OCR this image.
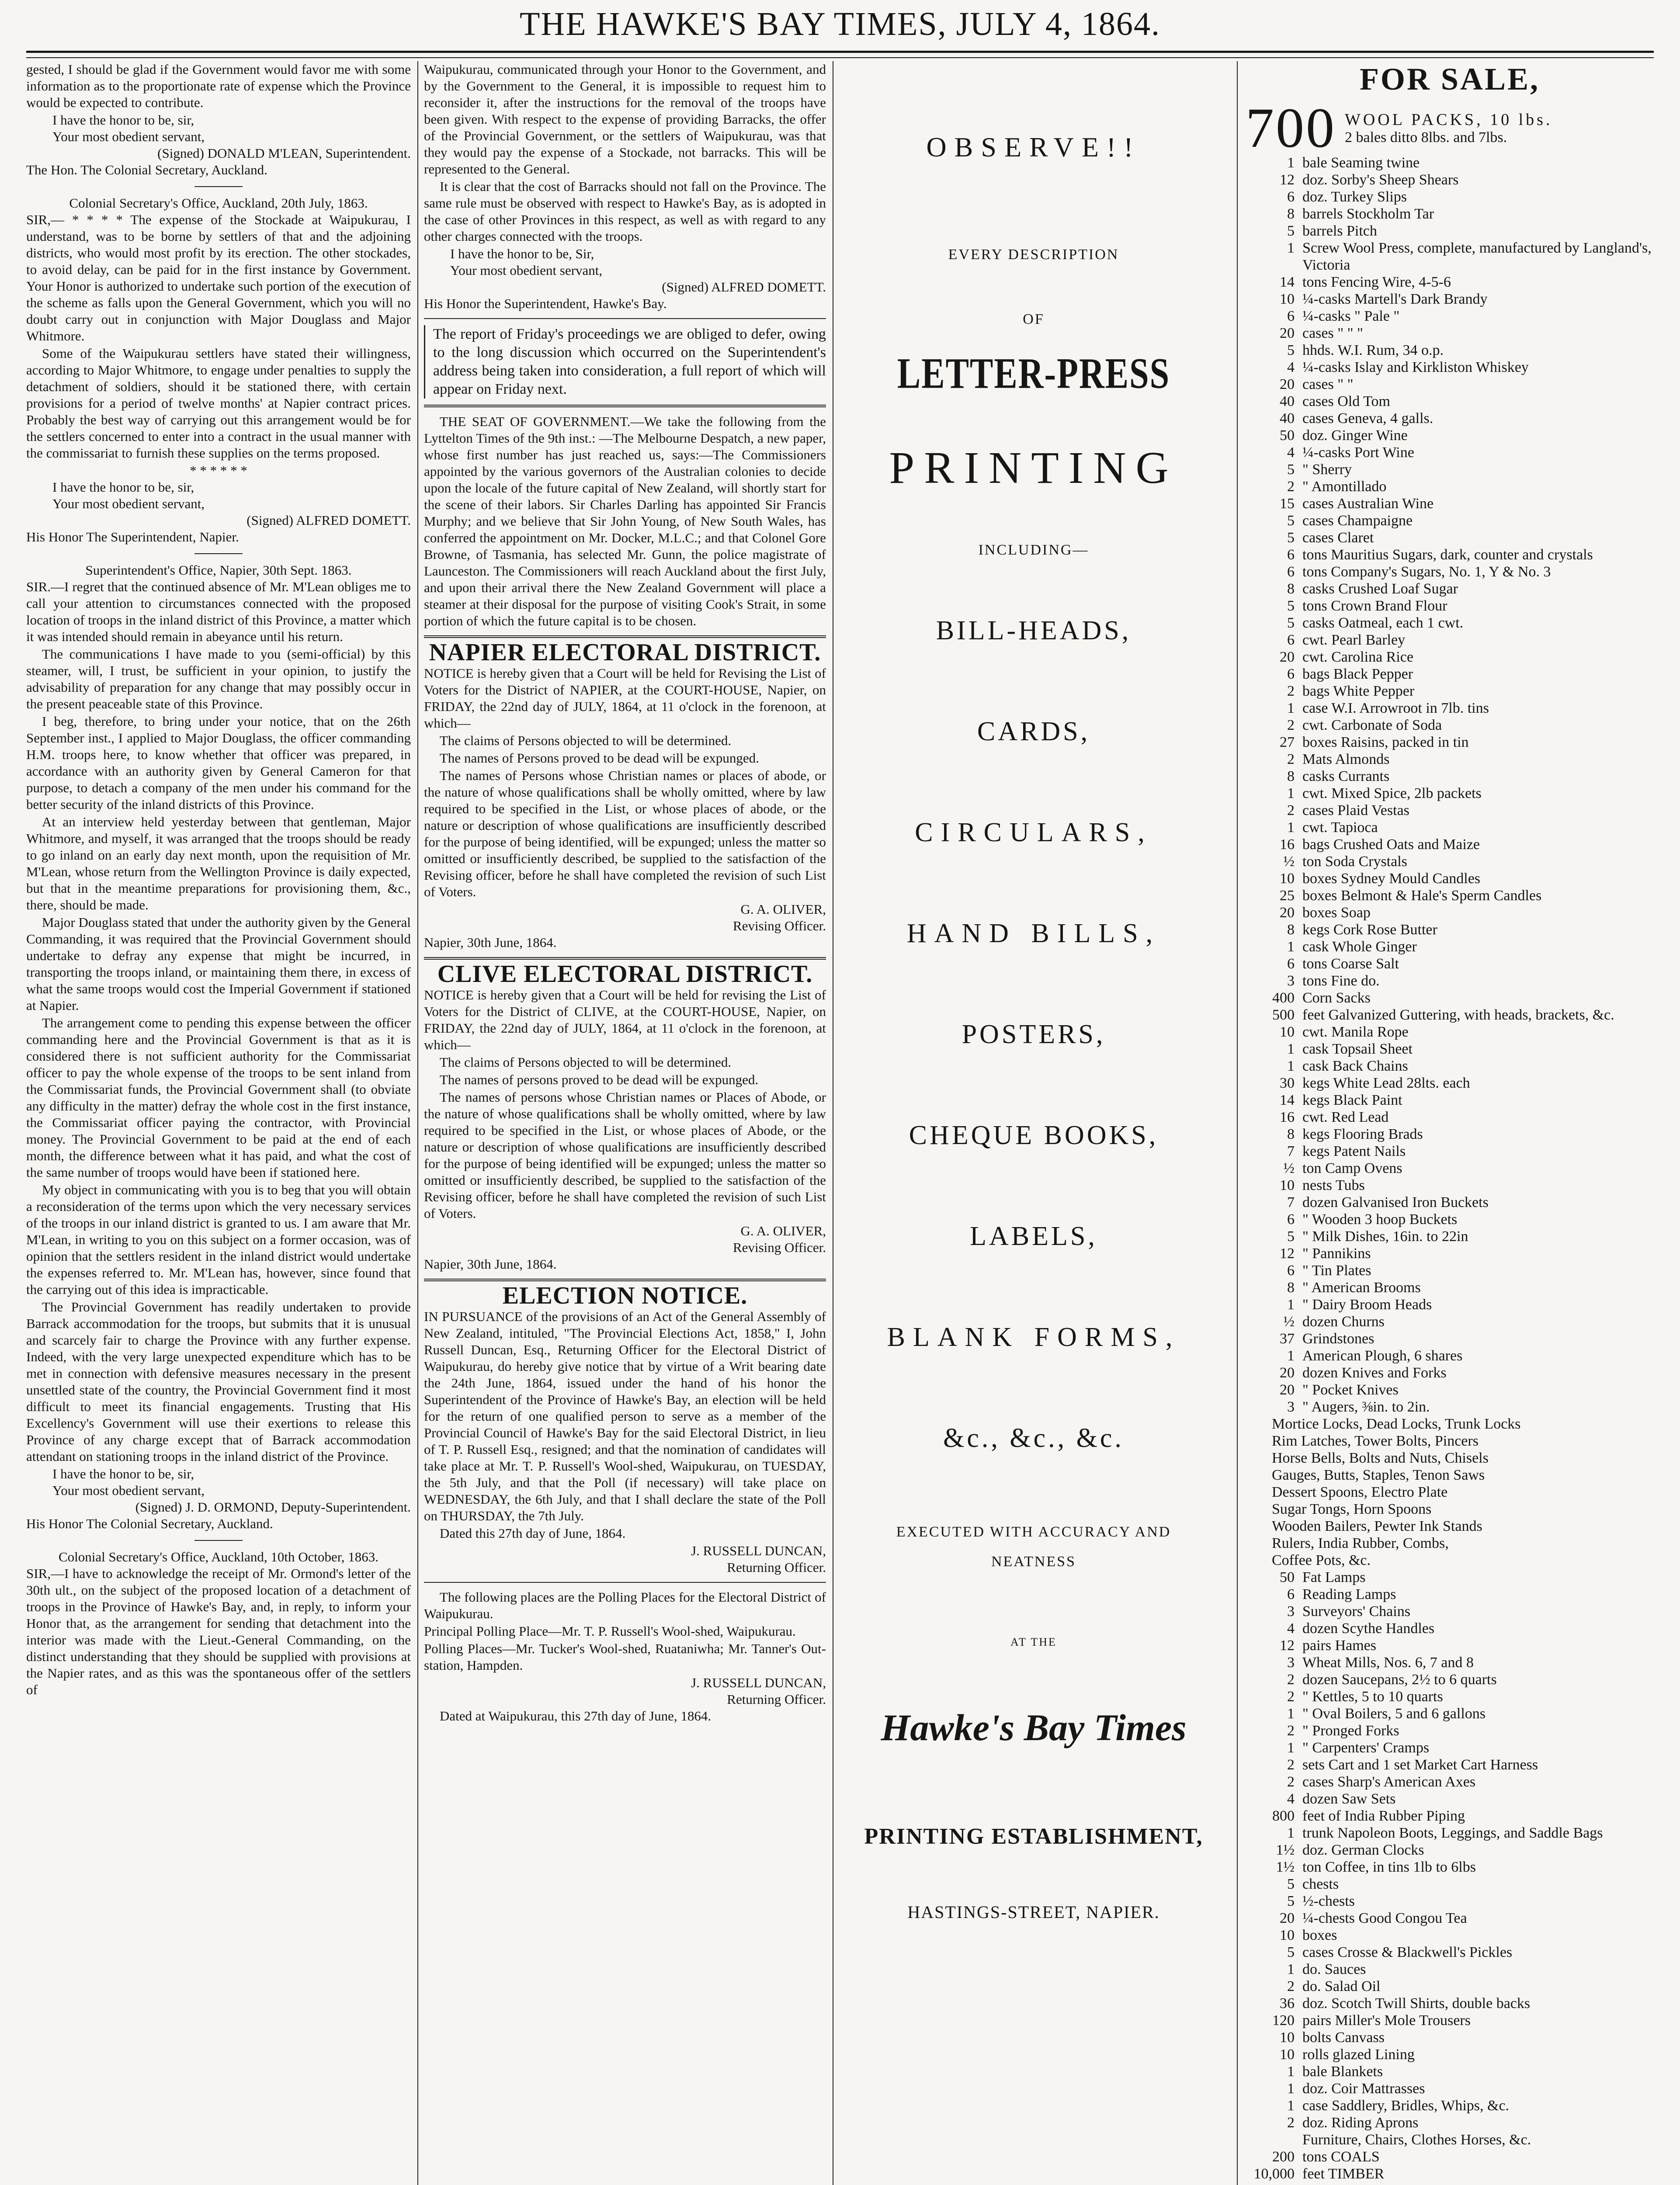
THE HAWKE'S BAY TIMES, JULY 4, 1864.

gested, I should be glad if the Government would favor me with some information as to the proportionate rate of expense which the Province would be expected to contribute.

I have the honor to be, sir,

Your most obedient servant,

(Signed) DONALD M'LEAN, Superintendent.

The Hon. The Colonial Secretary, Auckland.

Colonial Secretary's Office, Auckland, 20th July, 1863.

SIR,— * * * * The expense of the Stockade at Waipukurau, I understand, was to be borne by settlers of that and the adjoining districts, who would most profit by its erection. The other stockades, to avoid delay, can be paid for in the first instance by Government. Your Honor is authorized to undertake such portion of the execution of the scheme as falls upon the General Government, which you will no doubt carry out in conjunction with Major Douglass and Major Whitmore.

Some of the Waipukurau settlers have stated their willingness, according to Major Whitmore, to engage under penalties to supply the detachment of soldiers, should it be stationed there, with certain provisions for a period of twelve months' at Napier contract prices. Probably the best way of carrying out this arrangement would be for the settlers concerned to enter into a contract in the usual manner with the commissariat to furnish these supplies on the terms proposed.

* * * * * *

I have the honor to be, sir,

Your most obedient servant,

(Signed) ALFRED DOMETT.

His Honor The Superintendent, Napier.

Superintendent's Office, Napier, 30th Sept. 1863.

SIR.—I regret that the continued absence of Mr. M'Lean obliges me to call your attention to circumstances connected with the proposed location of troops in the inland district of this Province, a matter which it was intended should remain in abeyance until his return.

The communications I have made to you (semi-official) by this steamer, will, I trust, be sufficient in your opinion, to justify the advisability of preparation for any change that may possibly occur in the present peaceable state of this Province.

I beg, therefore, to bring under your notice, that on the 26th September inst., I applied to Major Douglass, the officer commanding H.M. troops here, to know whether that officer was prepared, in accordance with an authority given by General Cameron for that purpose, to detach a company of the men under his command for the better security of the inland districts of this Province.

At an interview held yesterday between that gentleman, Major Whitmore, and myself, it was arranged that the troops should be ready to go inland on an early day next month, upon the requisition of Mr. M'Lean, whose return from the Wellington Province is daily expected, but that in the meantime preparations for provisioning them, &c., there, should be made.

Major Douglass stated that under the authority given by the General Commanding, it was required that the Provincial Government should undertake to defray any expense that might be incurred, in transporting the troops inland, or maintaining them there, in excess of what the same troops would cost the Imperial Government if stationed at Napier.

The arrangement come to pending this expense between the officer commanding here and the Provincial Government is that as it is considered there is not sufficient authority for the Commissariat officer to pay the whole expense of the troops to be sent inland from the Commissariat funds, the Provincial Government shall (to obviate any difficulty in the matter) defray the whole cost in the first instance, the Commissariat officer paying the contractor, with Provincial money. The Provincial Government to be paid at the end of each month, the difference between what it has paid, and what the cost of the same number of troops would have been if stationed here.

My object in communicating with you is to beg that you will obtain a reconsideration of the terms upon which the very necessary services of the troops in our inland district is granted to us. I am aware that Mr. M'Lean, in writing to you on this subject on a former occasion, was of opinion that the settlers resident in the inland district would undertake the expenses referred to. Mr. M'Lean has, however, since found that the carrying out of this idea is impracticable.

The Provincial Government has readily undertaken to provide Barrack accommodation for the troops, but submits that it is unusual and scarcely fair to charge the Province with any further expense. Indeed, with the very large unexpected expenditure which has to be met in connection with defensive measures necessary in the present unsettled state of the country, the Provincial Government find it most difficult to meet its financial engagements. Trusting that His Excellency's Government will use their exertions to release this Province of any charge except that of Barrack accommodation attendant on stationing troops in the inland district of the Province.

I have the honor to be, sir,

Your most obedient servant,

(Signed) J. D. ORMOND, Deputy-Superintendent.

His Honor The Colonial Secretary, Auckland.

Colonial Secretary's Office, Auckland, 10th October, 1863.

SIR,—I have to acknowledge the receipt of Mr. Ormond's letter of the 30th ult., on the subject of the proposed location of a detachment of troops in the Province of Hawke's Bay, and, in reply, to inform your Honor that, as the arrangement for sending that detachment into the interior was made with the Lieut.-General Commanding, on the distinct understanding that they should be supplied with provisions at the Napier rates, and as this was the spontaneous offer of the settlers of

Waipukurau, communicated through your Honor to the Government, and by the Government to the General, it is impossible to request him to reconsider it, after the instructions for the removal of the troops have been given. With respect to the expense of providing Barracks, the offer of the Provincial Government, or the settlers of Waipukurau, was that they would pay the expense of a Stockade, not barracks. This will be represented to the General.

It is clear that the cost of Barracks should not fall on the Province. The same rule must be observed with respect to Hawke's Bay, as is adopted in the case of other Provinces in this respect, as well as with regard to any other charges connected with the troops.

I have the honor to be, Sir,

Your most obedient servant,

(Signed) ALFRED DOMETT.

His Honor the Superintendent, Hawke's Bay.

The report of Friday's proceedings we are obliged to defer, owing to the long discussion which occurred on the Superintendent's address being taken into consideration, a full report of which will appear on Friday next.

THE SEAT OF GOVERNMENT.—We take the following from the Lyttelton Times of the 9th inst.: —The Melbourne Despatch, a new paper, whose first number has just reached us, says:—The Commissioners appointed by the various governors of the Australian colonies to decide upon the locale of the future capital of New Zealand, will shortly start for the scene of their labors. Sir Charles Darling has appointed Sir Francis Murphy; and we believe that Sir John Young, of New South Wales, has conferred the appointment on Mr. Docker, M.L.C.; and that Colonel Gore Browne, of Tasmania, has selected Mr. Gunn, the police magistrate of Launceston. The Commissioners will reach Auckland about the first July, and upon their arrival there the New Zealand Government will place a steamer at their disposal for the purpose of visiting Cook's Strait, in some portion of which the future capital is to be chosen.

NAPIER ELECTORAL DISTRICT.

NOTICE is hereby given that a Court will be held for Revising the List of Voters for the District of NAPIER, at the COURT-HOUSE, Napier, on FRIDAY, the 22nd day of JULY, 1864, at 11 o'clock in the forenoon, at which—

The claims of Persons objected to will be determined.

The names of Persons proved to be dead will be expunged.

The names of Persons whose Christian names or places of abode, or the nature of whose qualifications shall be wholly omitted, where by law required to be specified in the List, or whose places of abode, or the nature or description of whose qualifications are insufficiently described for the purpose of being identified, will be expunged; unless the matter so omitted or insufficiently described, be supplied to the satisfaction of the Revising officer, before he shall have completed the revision of such List of Voters.

G. A. OLIVER,

Revising Officer.

Napier, 30th June, 1864.

CLIVE ELECTORAL DISTRICT.

NOTICE is hereby given that a Court will be held for revising the List of Voters for the District of CLIVE, at the COURT-HOUSE, Napier, on FRIDAY, the 22nd day of JULY, 1864, at 11 o'clock in the forenoon, at which—

The claims of Persons objected to will be determined.

The names of persons proved to be dead will be expunged.

The names of persons whose Christian names or Places of Abode, or the nature of whose qualifications shall be wholly omitted, where by law required to be specified in the List, or whose places of Abode, or the nature or description of whose qualifications are insufficiently described for the purpose of being identified will be expunged; unless the matter so omitted or insufficiently described, be supplied to the satisfaction of the Revising officer, before he shall have completed the revision of such List of Voters.

G. A. OLIVER,

Revising Officer.

Napier, 30th June, 1864.

ELECTION NOTICE.

IN PURSUANCE of the provisions of an Act of the General Assembly of New Zealand, intituled, "The Provincial Elections Act, 1858," I, John Russell Duncan, Esq., Returning Officer for the Electoral District of Waipukurau, do hereby give notice that by virtue of a Writ bearing date the 24th June, 1864, issued under the hand of his honor the Superintendent of the Province of Hawke's Bay, an election will be held for the return of one qualified person to serve as a member of the Provincial Council of Hawke's Bay for the said Electoral District, in lieu of T. P. Russell Esq., resigned; and that the nomination of candidates will take place at Mr. T. P. Russell's Wool-shed, Waipukurau, on TUESDAY, the 5th July, and that the Poll (if necessary) will take place on WEDNESDAY, the 6th July, and that I shall declare the state of the Poll on THURSDAY, the 7th July.

Dated this 27th day of June, 1864.

J. RUSSELL DUNCAN,

Returning Officer.

The following places are the Polling Places for the Electoral District of Waipukurau.

Principal Polling Place—Mr. T. P. Russell's Wool-shed, Waipukurau.

Polling Places—Mr. Tucker's Wool-shed, Ruataniwha; Mr. Tanner's Out-station, Hampden.

J. RUSSELL DUNCAN,

Returning Officer.

Dated at Waipukurau, this 27th day of June, 1864.

OBSERVE!!

EVERY DESCRIPTION

OF

LETTER-PRESS

PRINTING

INCLUDING—

BILL-HEADS,

CARDS,

CIRCULARS,

HAND BILLS,

POSTERS,

CHEQUE BOOKS,

LABELS,

BLANK FORMS,

&c., &c., &c.

EXECUTED WITH ACCURACY AND

NEATNESS

AT THE

Hawke's Bay Times

PRINTING ESTABLISHMENT,

HASTINGS-STREET, NAPIER.

FOR SALE,
700 WOOL PACKS, 10 lbs.
2 bales ditto 8lbs. and 7lbs.
1 bale Seaming twine
12 doz. Sorby's Sheep Shears
6 doz. Turkey Slips
8 barrels Stockholm Tar
5 barrels Pitch
1 Screw Wool Press, complete, manufactured by Langland's, Victoria
14 tons Fencing Wire, 4-5-6
10 ¼-casks Martell's Dark Brandy
6 ¼-casks " Pale "
20 cases " " "
5 hhds. W.I. Rum, 34 o.p.
4 ¼-casks Islay and Kirkliston Whiskey
20 cases " "
40 cases Old Tom
40 cases Geneva, 4 galls.
50 doz. Ginger Wine
4 ¼-casks Port Wine
5 " Sherry
2 " Amontillado
15 cases Australian Wine
5 cases Champaigne
5 cases Claret
6 tons Mauritius Sugars, dark, counter and crystals
6 tons Company's Sugars, No. 1, Y & No. 3
8 casks Crushed Loaf Sugar
5 tons Crown Brand Flour
5 casks Oatmeal, each 1 cwt.
6 cwt. Pearl Barley
20 cwt. Carolina Rice
6 bags Black Pepper
2 bags White Pepper
1 case W.I. Arrowroot in 7lb. tins
2 cwt. Carbonate of Soda
27 boxes Raisins, packed in tin
2 Mats Almonds
8 casks Currants
1 cwt. Mixed Spice, 2lb packets
2 cases Plaid Vestas
1 cwt. Tapioca
16 bags Crushed Oats and Maize
½ ton Soda Crystals
10 boxes Sydney Mould Candles
25 boxes Belmont & Hale's Sperm Candles
20 boxes Soap
8 kegs Cork Rose Butter
1 cask Whole Ginger
6 tons Coarse Salt
3 tons Fine do.
400 Corn Sacks
500 feet Galvanized Guttering, with heads, brackets, &c.
10 cwt. Manila Rope
1 cask Topsail Sheet
1 cask Back Chains
30 kegs White Lead 28lts. each
14 kegs Black Paint
16 cwt. Red Lead
8 kegs Flooring Brads
7 kegs Patent Nails
½ ton Camp Ovens
10 nests Tubs
7 dozen Galvanised Iron Buckets
6 " Wooden 3 hoop Buckets
5 " Milk Dishes, 16in. to 22in
12 " Pannikins
6 " Tin Plates
8 " American Brooms
1 " Dairy Broom Heads
½ dozen Churns
37 Grindstones
1 American Plough, 6 shares
20 dozen Knives and Forks
20 " Pocket Knives
3 " Augers, ⅜in. to 2in.

Mortice Locks, Dead Locks, Trunk Locks

Rim Latches, Tower Bolts, Pincers

Horse Bells, Bolts and Nuts, Chisels

Gauges, Butts, Staples, Tenon Saws

Dessert Spoons, Electro Plate

Sugar Tongs, Horn Spoons

Wooden Bailers, Pewter Ink Stands

Rulers, India Rubber, Combs,

Coffee Pots, &c.

50 Fat Lamps
6 Reading Lamps
3 Surveyors' Chains
4 dozen Scythe Handles
12 pairs Hames
3 Wheat Mills, Nos. 6, 7 and 8
2 dozen Saucepans, 2½ to 6 quarts
2 " Kettles, 5 to 10 quarts
1 " Oval Boilers, 5 and 6 gallons
2 " Pronged Forks
1 " Carpenters' Cramps
2 sets Cart and 1 set Market Cart Harness
2 cases Sharp's American Axes
4 dozen Saw Sets
800 feet of India Rubber Piping
1 trunk Napoleon Boots, Leggings, and Saddle Bags
1½ doz. German Clocks
1½ ton Coffee, in tins 1lb to 6lbs
5 chests
5 ½-chests
20 ¼-chests Good Congou Tea
10 boxes
5 cases Crosse & Blackwell's Pickles
1 do. Sauces
2 do. Salad Oil
36 doz. Scotch Twill Shirts, double backs
120 pairs Miller's Mole Trousers
10 bolts Canvass
10 rolls glazed Lining
1 bale Blankets
1 doz. Coir Mattrasses
1 case Saddlery, Bridles, Whips, &c.
2 doz. Riding Aprons
Furniture, Chairs, Clothes Horses, &c.
200 tons COALS
10,000 feet TIMBER
